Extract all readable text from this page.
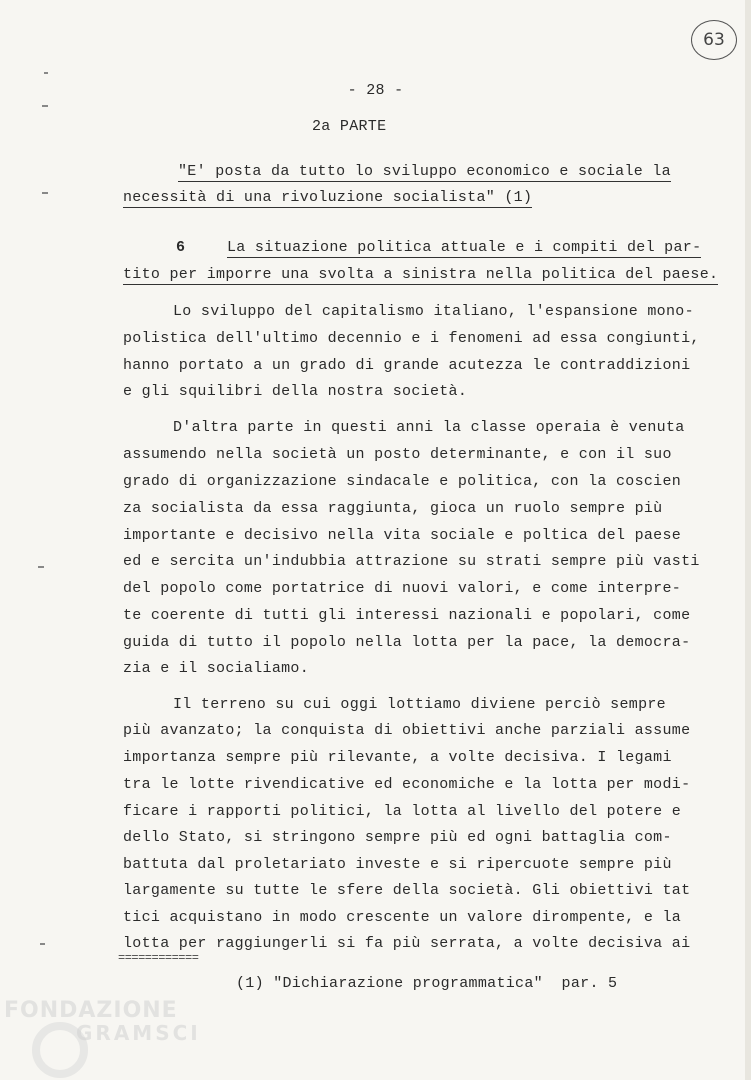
63
- 28 -
2a PARTE
"E' posta da tutto lo sviluppo economico e sociale la
necessità di una rivoluzione socialista" (1)
6	La situazione politica attuale e i compiti del par-
tito per imporre una svolta a sinistra nella politica del paese.
Lo sviluppo del capitalismo italiano, l'espansione mono-
polistica dell'ultimo decennio e i fenomeni ad essa congiunti,
hanno portato a un grado di grande acutezza le contraddizioni
e gli squilibri della nostra società.
D'altra parte in questi anni la classe operaia è venuta
assumendo nella società un posto determinante, e con il suo
grado di organizzazione sindacale e politica, con la coscien
za socialista da essa raggiunta, gioca un ruolo sempre più
importante e decisivo nella vita sociale e poltica del paese
ed e sercita un'indubbia attrazione su strati sempre più vasti
del popolo come portatrice di nuovi valori, e come interpre-
te coerente di tutti gli interessi nazionali e popolari, come
guida di tutto il popolo nella lotta per la pace, la democra-
zia e il socialiamo.
Il terreno su cui oggi lottiamo diviene perciò sempre
più avanzato; la conquista di obiettivi anche parziali assume
importanza sempre più rilevante, a volte decisiva. I legami
tra le lotte rivendicative ed economiche e la lotta per modi-
ficare i rapporti politici, la lotta al livello del potere e
dello Stato, si stringono sempre più ed ogni battaglia com-
battuta dal proletariato investe e si ripercuote sempre più
largamente su tutte le sfere della società. Gli obiettivi tat
tici acquistano in modo crescente un valore dirompente, e la
lotta per raggiungerli si fa più serrata, a volte decisiva ai
============
(1) "Dichiarazione programmatica"  par. 5
FONDAZIONE
GRAMSCI
